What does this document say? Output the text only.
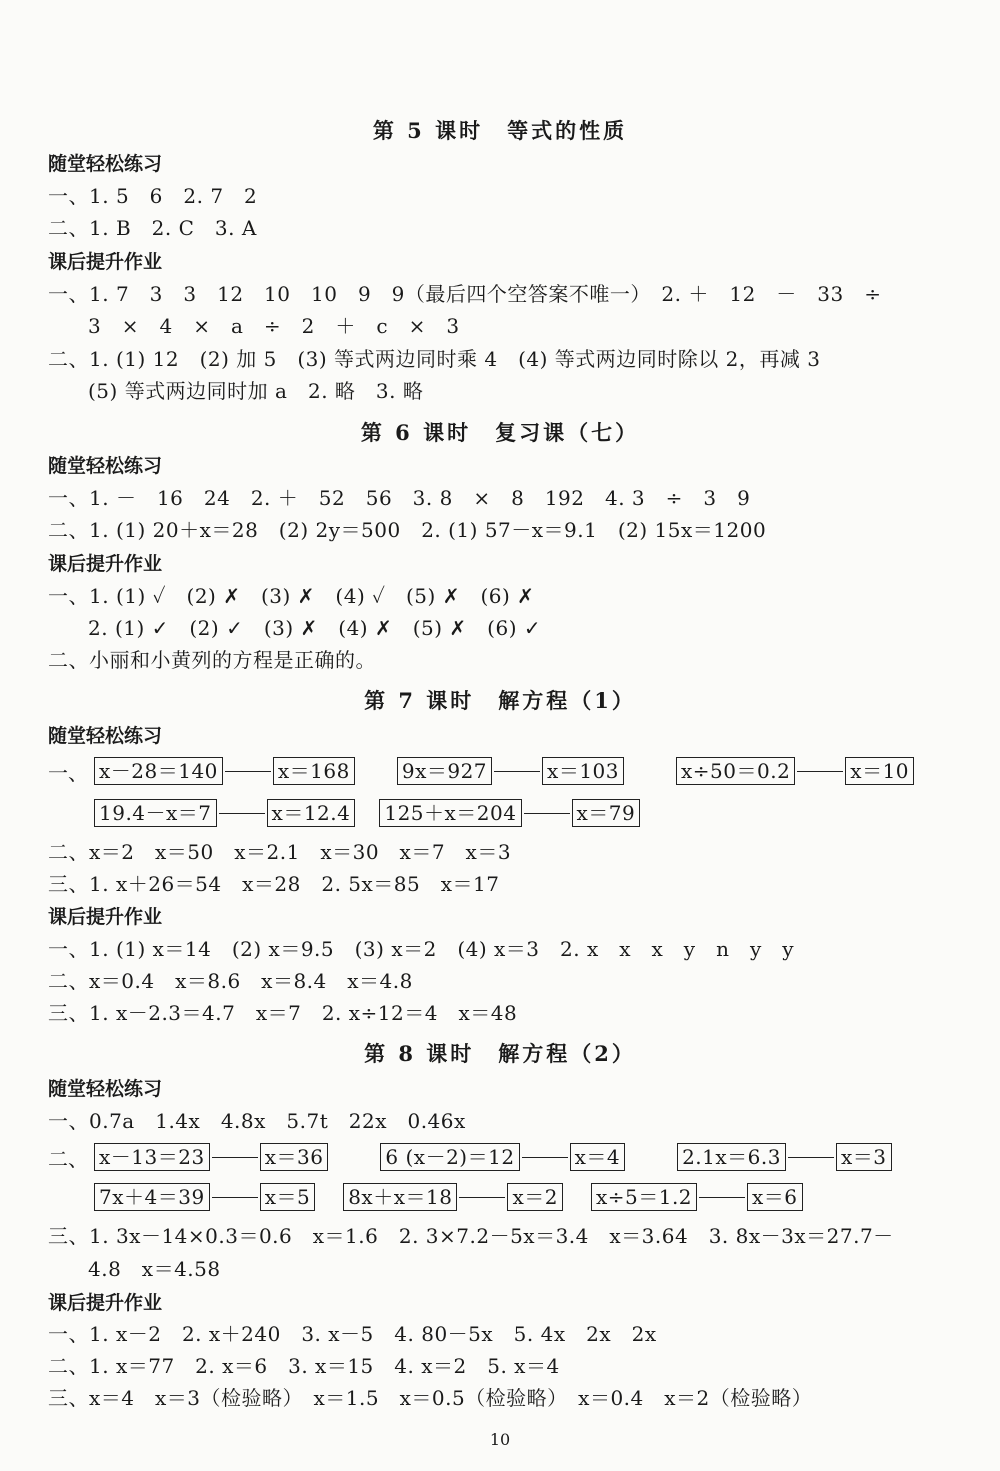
第 5 课时　等式的性质
随堂轻松练习
一、1. 5　6　2. 7　2
二、1. B　2. C　3. A
课后提升作业
一、1. 7　3　3　12　10　10　9　9（最后四个空答案不唯一）　2. ＋　12　－　33　÷
3　×　4　×　a　÷　2　＋　c　×　3
二、1. (1) 12　(2) 加 5　(3) 等式两边同时乘 4　(4) 等式两边同时除以 2，再减 3
(5) 等式两边同时加 a　2. 略　3. 略
第 6 课时　复习课（七）
随堂轻松练习
一、1. －　16　24　2. ＋　52　56　3. 8　×　8　192　4. 3　÷　3　9
二、1. (1) 20＋x＝28　(2) 2y＝500　2. (1) 57－x＝9.1　(2) 15x＝1200
课后提升作业
一、1. (1) ✓　(2) ✗　(3) ✗　(4) ✓　(5) ✗　(6) ✗
2. (1) ✓　(2) ✓　(3) ✗　(4) ✗　(5) ✗　(6) ✓
二、小丽和小黄列的方程是正确的。
第 7 课时　解方程（1）
随堂轻松练习
一、 x－28＝140	x＝168	9x＝927	x＝103	x÷50＝0.2	x＝10
19.4－x＝7	x＝12.4 125＋x＝204	x＝79
二、x＝2　x＝50　x＝2.1　x＝30　x＝7　x＝3
三、1. x＋26＝54　x＝28　2. 5x＝85　x＝17
课后提升作业
一、1. (1) x＝14　(2) x＝9.5　(3) x＝2　(4) x＝3　2. x　x　x　y　n　y　y
二、x＝0.4　x＝8.6　x＝8.4　x＝4.8
三、1. x－2.3＝4.7　x＝7　2. x÷12＝4　x＝48
第 8 课时　解方程（2）
随堂轻松练习
一、0.7a　1.4x　4.8x　5.7t　22x　0.46x
二、 x－13＝23	x＝36	6 (x－2)＝12	x＝4	2.1x＝6.3	x＝3
7x＋4＝39	x＝5 8x＋x＝18	x＝2 x÷5＝1.2	x＝6
三、1. 3x－14×0.3＝0.6　x＝1.6　2. 3×7.2－5x＝3.4　x＝3.64　3. 8x－3x＝27.7－
4.8　x＝4.58
课后提升作业
一、1. x－2　2. x＋240　3. x－5　4. 80－5x　5. 4x　2x　2x
二、1. x＝77　2. x＝6　3. x＝15　4. x＝2　5. x＝4
三、x＝4　x＝3（检验略）　x＝1.5　x＝0.5（检验略）　x＝0.4　x＝2（检验略）
10
